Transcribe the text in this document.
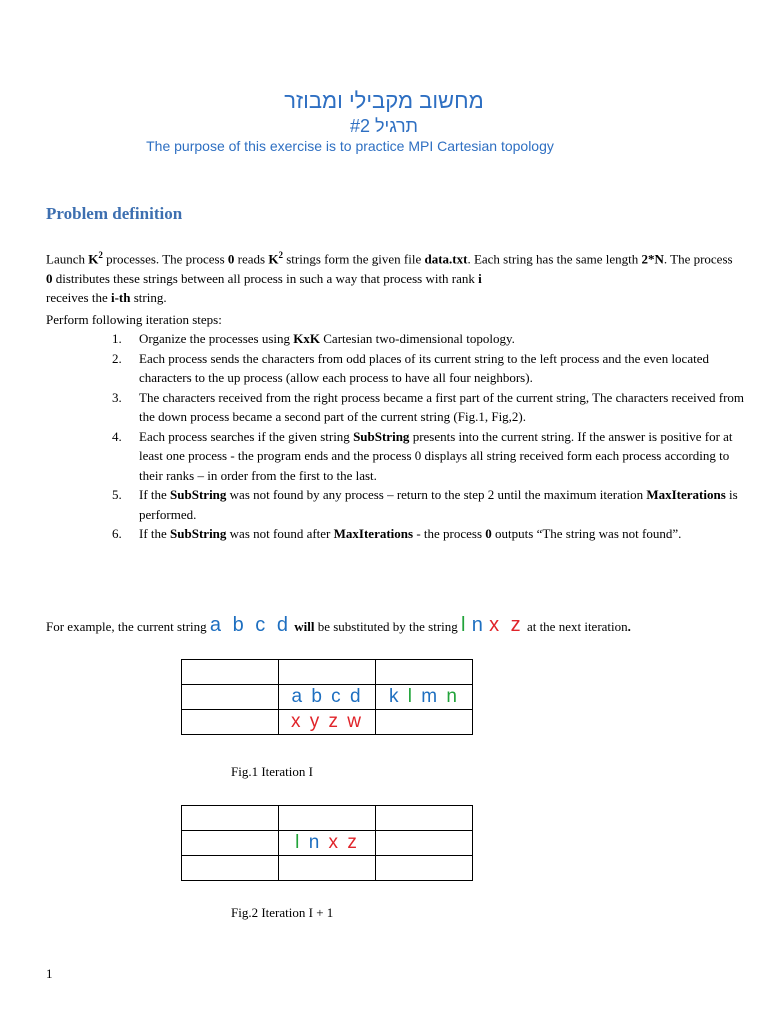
מחשוב מקבילי ומבוזר
תרגיל #2
The purpose of this exercise is to practice MPI Cartesian topology
Problem definition
Launch $K^2$ processes. The process 0 reads $K^2$ strings form the given file data.txt. Each string has the same length 2*N. The process 0 distributes these strings between all process in such a way that process with rank i
receives the i-th string.
Perform following iteration steps:
1. Organize the processes using KxK Cartesian two-dimensional topology.
2. Each process sends the characters from odd places of its current string to the left process and the even located characters to the up process (allow each process to have all four neighbors).
3. The characters received from the right process became a first part of the current string, The characters received from the down process became a second part of the current string (Fig.1, Fig,2).
4. Each process searches if the given string SubString presents into the current string. If the answer is positive for at least one process - the program ends and the process 0 displays all string received form each process according to their ranks – in order from the first to the last.
5. If the SubString was not found by any process – return to the step 2 until the maximum iteration MaxIterations is performed.
6. If the SubString was not found after MaxIterations - the process 0 outputs “The string was not found”.
For example, the current string a b c d will be substituted by the string l n x z at the next iteration.

	a b c d	k l m n
	x y z w	
Fig.1 Iteration I

	l n x z	

Fig.2 Iteration I + 1
1
